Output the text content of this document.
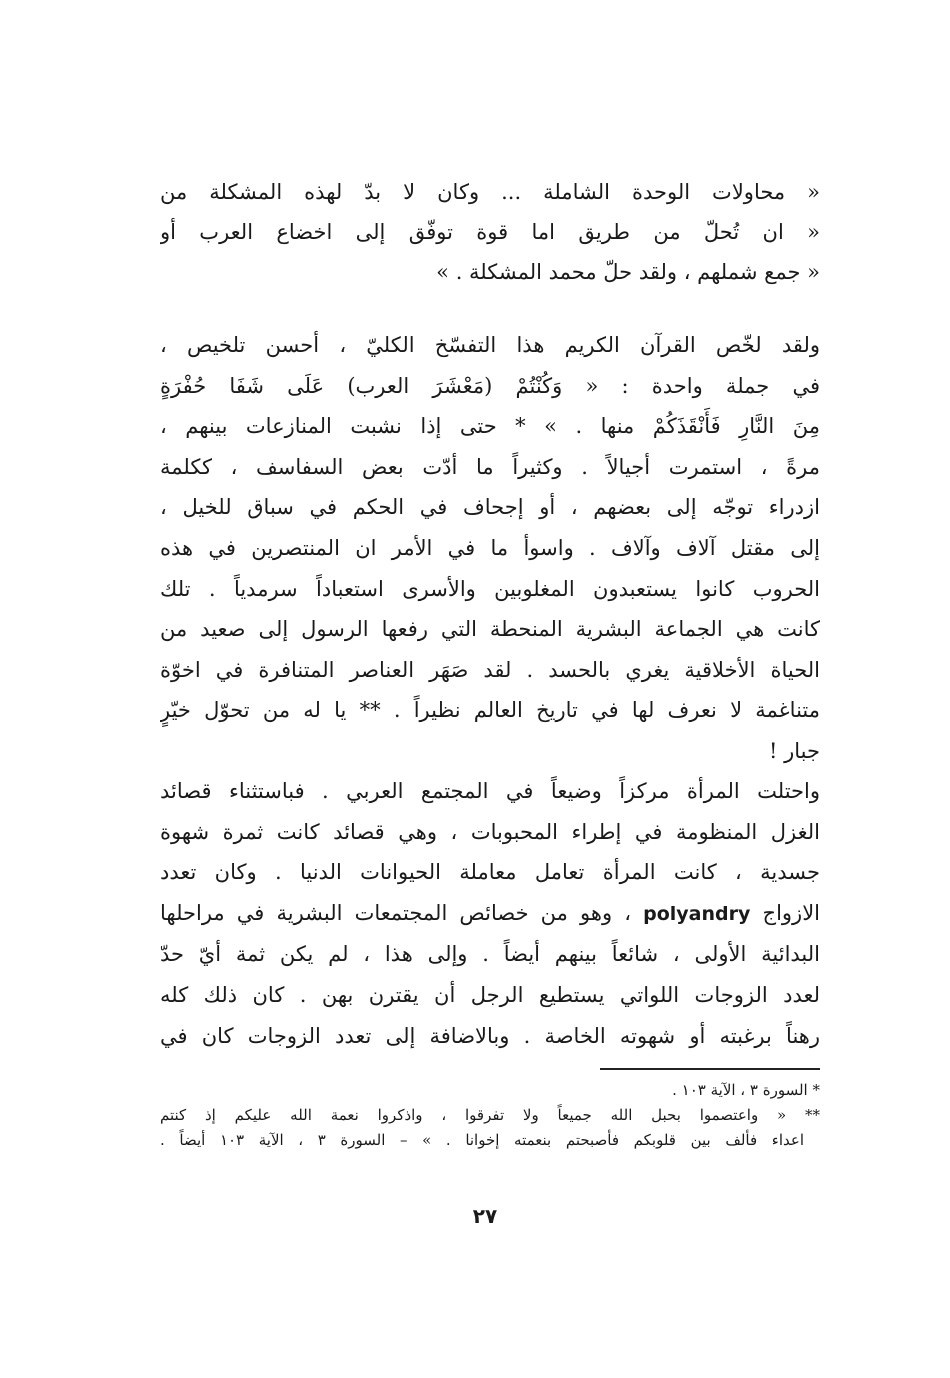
« محاولات الوحدة الشاملة ... وكان لا بدّ لهذه المشكلة من
« ان تُحلّ من طريق اما قوة توفّق إلى اخضاع العرب أو
« جمع شملهم ، ولقد حلّ محمد المشكلة . »
ولقد لخّص القرآن الكريم هذا التفسّخ الكليّ ، أحسن تلخيص ،
في جملة واحدة : « وَكُنْتُمْ (مَعْشَرَ العرب) عَلَى شَفَا حُفْرَةٍ
مِنَ النَّارِ فَأَنْقَذَكُمْ منها . » * حتى إذا نشبت المنازعات بينهم ،
مرةً ، استمرت أجيالاً . وكثيراً ما أدّت بعض السفاسف ، ككلمة
ازدراء توجّه إلى بعضهم ، أو إجحاف في الحكم في سباق للخيل ،
إلى مقتل آلاف وآلاف . واسوأ ما في الأمر ان المنتصرين في هذه
الحروب كانوا يستعبدون المغلوبين والأسرى استعباداً سرمدياً . تلك
كانت هي الجماعة البشرية المنحطة التي رفعها الرسول إلى صعيد من
الحياة الأخلاقية يغري بالحسد . لقد صَهَر العناصر المتنافرة في اخوّة
متناغمة لا نعرف لها في تاريخ العالم نظيراً . ** يا له من تحوّل خيّرٍ
جبار !
واحتلت المرأة مركزاً وضيعاً في المجتمع العربي . فباستثناء قصائد
الغزل المنظومة في إطراء المحبوبات ، وهي قصائد كانت ثمرة شهوة
جسدية ، كانت المرأة تعامل معاملة الحيوانات الدنيا . وكان تعدد
الازواج polyandry ، وهو من خصائص المجتمعات البشرية في مراحلها
البدائية الأولى ، شائعاً بينهم أيضاً . وإلى هذا ، لم يكن ثمة أيّ حدّ
لعدد الزوجات اللواتي يستطيع الرجل أن يقترن بهن . كان ذلك كله
رهناً برغبته أو شهوته الخاصة . وبالاضافة إلى تعدد الزوجات كان في
* السورة ٣ ، الآية ١٠٣ .
** « واعتصموا بحبل الله جميعاً ولا تفرقوا ، واذكروا نعمة الله عليكم إذ كنتم
اعداء فألف بين قلوبكم فأصبحتم بنعمته إخوانا . » – السورة ٣ ، الآية ١٠٣ أيضاً .
٢٧
